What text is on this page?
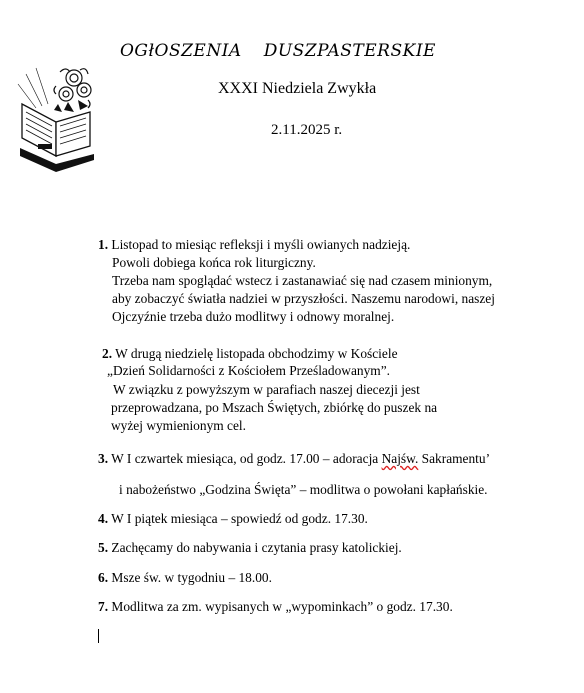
OGłOSZENIA DUSZPASTERSKIE
XXXI Niedziela Zwykła
2.11.2025 r.
1. Listopad to miesiąc refleksji i myśli owianych nadzieją.
Powoli dobiega końca rok liturgiczny.
Trzeba nam spoglądać wstecz i zastanawiać się nad czasem minionym,
aby zobaczyć światła nadziei w przyszłości. Naszemu narodowi, naszej
Ojczyźnie trzeba dużo modlitwy i odnowy moralnej.
2. W drugą niedzielę listopada obchodzimy w Kościele
„Dzień Solidarności z Kościołem Prześladowanym”.
W związku z powyższym w parafiach naszej diecezji jest
przeprowadzana, po Mszach Świętych, zbiórkę do puszek na
wyżej wymienionym cel.
3. W I czwartek miesiąca, od godz. 17.00 – adoracja Najśw. Sakramentu’
i nabożeństwo „Godzina Święta” – modlitwa o powołani kapłańskie.
4. W I piątek miesiąca – spowiedź od godz. 17.30.
5. Zachęcamy do nabywania i czytania prasy katolickiej.
6. Msze św. w tygodniu – 18.00.
7. Modlitwa za zm. wypisanych w „wypominkach” o godz. 17.30.
